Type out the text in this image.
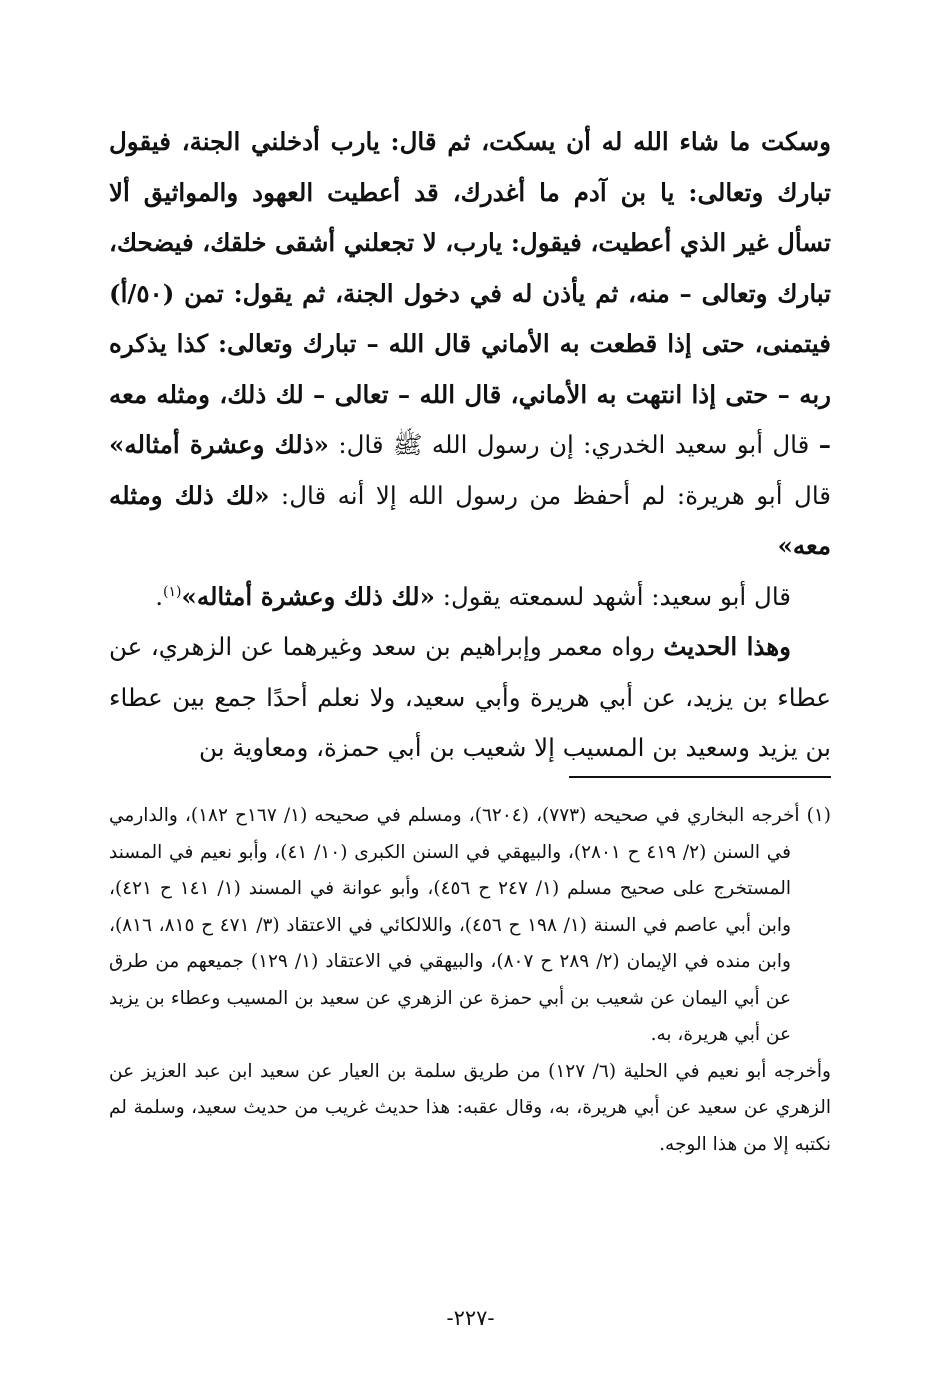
وسكت ما شاء الله له أن يسكت، ثم قال: يارب أدخلني الجنة، فيقول تبارك وتعالى: يا بن آدم ما أغدرك، قد أعطيت العهود والمواثيق ألا تسأل غير الذي أعطيت، فيقول: يارب، لا تجعلني أشقى خلقك، فيضحك، تبارك وتعالى – منه، ثم يأذن له في دخول الجنة، ثم يقول: تمن (٥٠/أ) فيتمنى، حتى إذا قطعت به الأماني قال الله – تبارك وتعالى: كذا يذكره ربه – حتى إذا انتهت به الأماني، قال الله – تعالى – لك ذلك، ومثله معه – قال أبو سعيد الخدري: إن رسول الله ﷺ قال: «ذلك وعشرة أمثاله» قال أبو هريرة: لم أحفظ من رسول الله إلا أنه قال: «لك ذلك ومثله معه»

قال أبو سعيد: أشهد لسمعته يقول: «لك ذلك وعشرة أمثاله»$^{(١)}$.

وهذا الحديث رواه معمر وإبراهيم بن سعد وغيرهما عن الزهري، عن عطاء بن يزيد، عن أبي هريرة وأبي سعيد، ولا نعلم أحدًا جمع بين عطاء بن يزيد وسعيد بن المسيب إلا شعيب بن أبي حمزة، ومعاوية بن

(١) أخرجه البخاري في صحيحه (٧٧٣)، (٦٢٠٤)، ومسلم في صحيحه (١/ ١٦٧ح ١٨٢)، والدارمي في السنن (٢/ ٤١٩ ح ٢٨٠١)، والبيهقي في السنن الكبرى (١٠/ ٤١)، وأبو نعيم في المسند المستخرج على صحيح مسلم (١/ ٢٤٧ ح ٤٥٦)، وأبو عوانة في المسند (١/ ١٤١ ح ٤٢١)، وابن أبي عاصم في السنة (١/ ١٩٨ ح ٤٥٦)، واللالكائي في الاعتقاد (٣/ ٤٧١ ح ٨١٥، ٨١٦)، وابن منده في الإيمان (٢/ ٢٨٩ ح ٨٠٧)، والبيهقي في الاعتقاد (١/ ١٢٩) جميعهم من طرق عن أبي اليمان عن شعيب بن أبي حمزة عن الزهري عن سعيد بن المسيب وعطاء بن يزيد عن أبي هريرة، به.

وأخرجه أبو نعيم في الحلية (٦/ ١٢٧) من طريق سلمة بن العيار عن سعيد ابن عبد العزيز عن الزهري عن سعيد عن أبي هريرة، به، وقال عقبه: هذا حديث غريب من حديث سعيد، وسلمة لم نكتبه إلا من هذا الوجه.

-٢٢٧-
